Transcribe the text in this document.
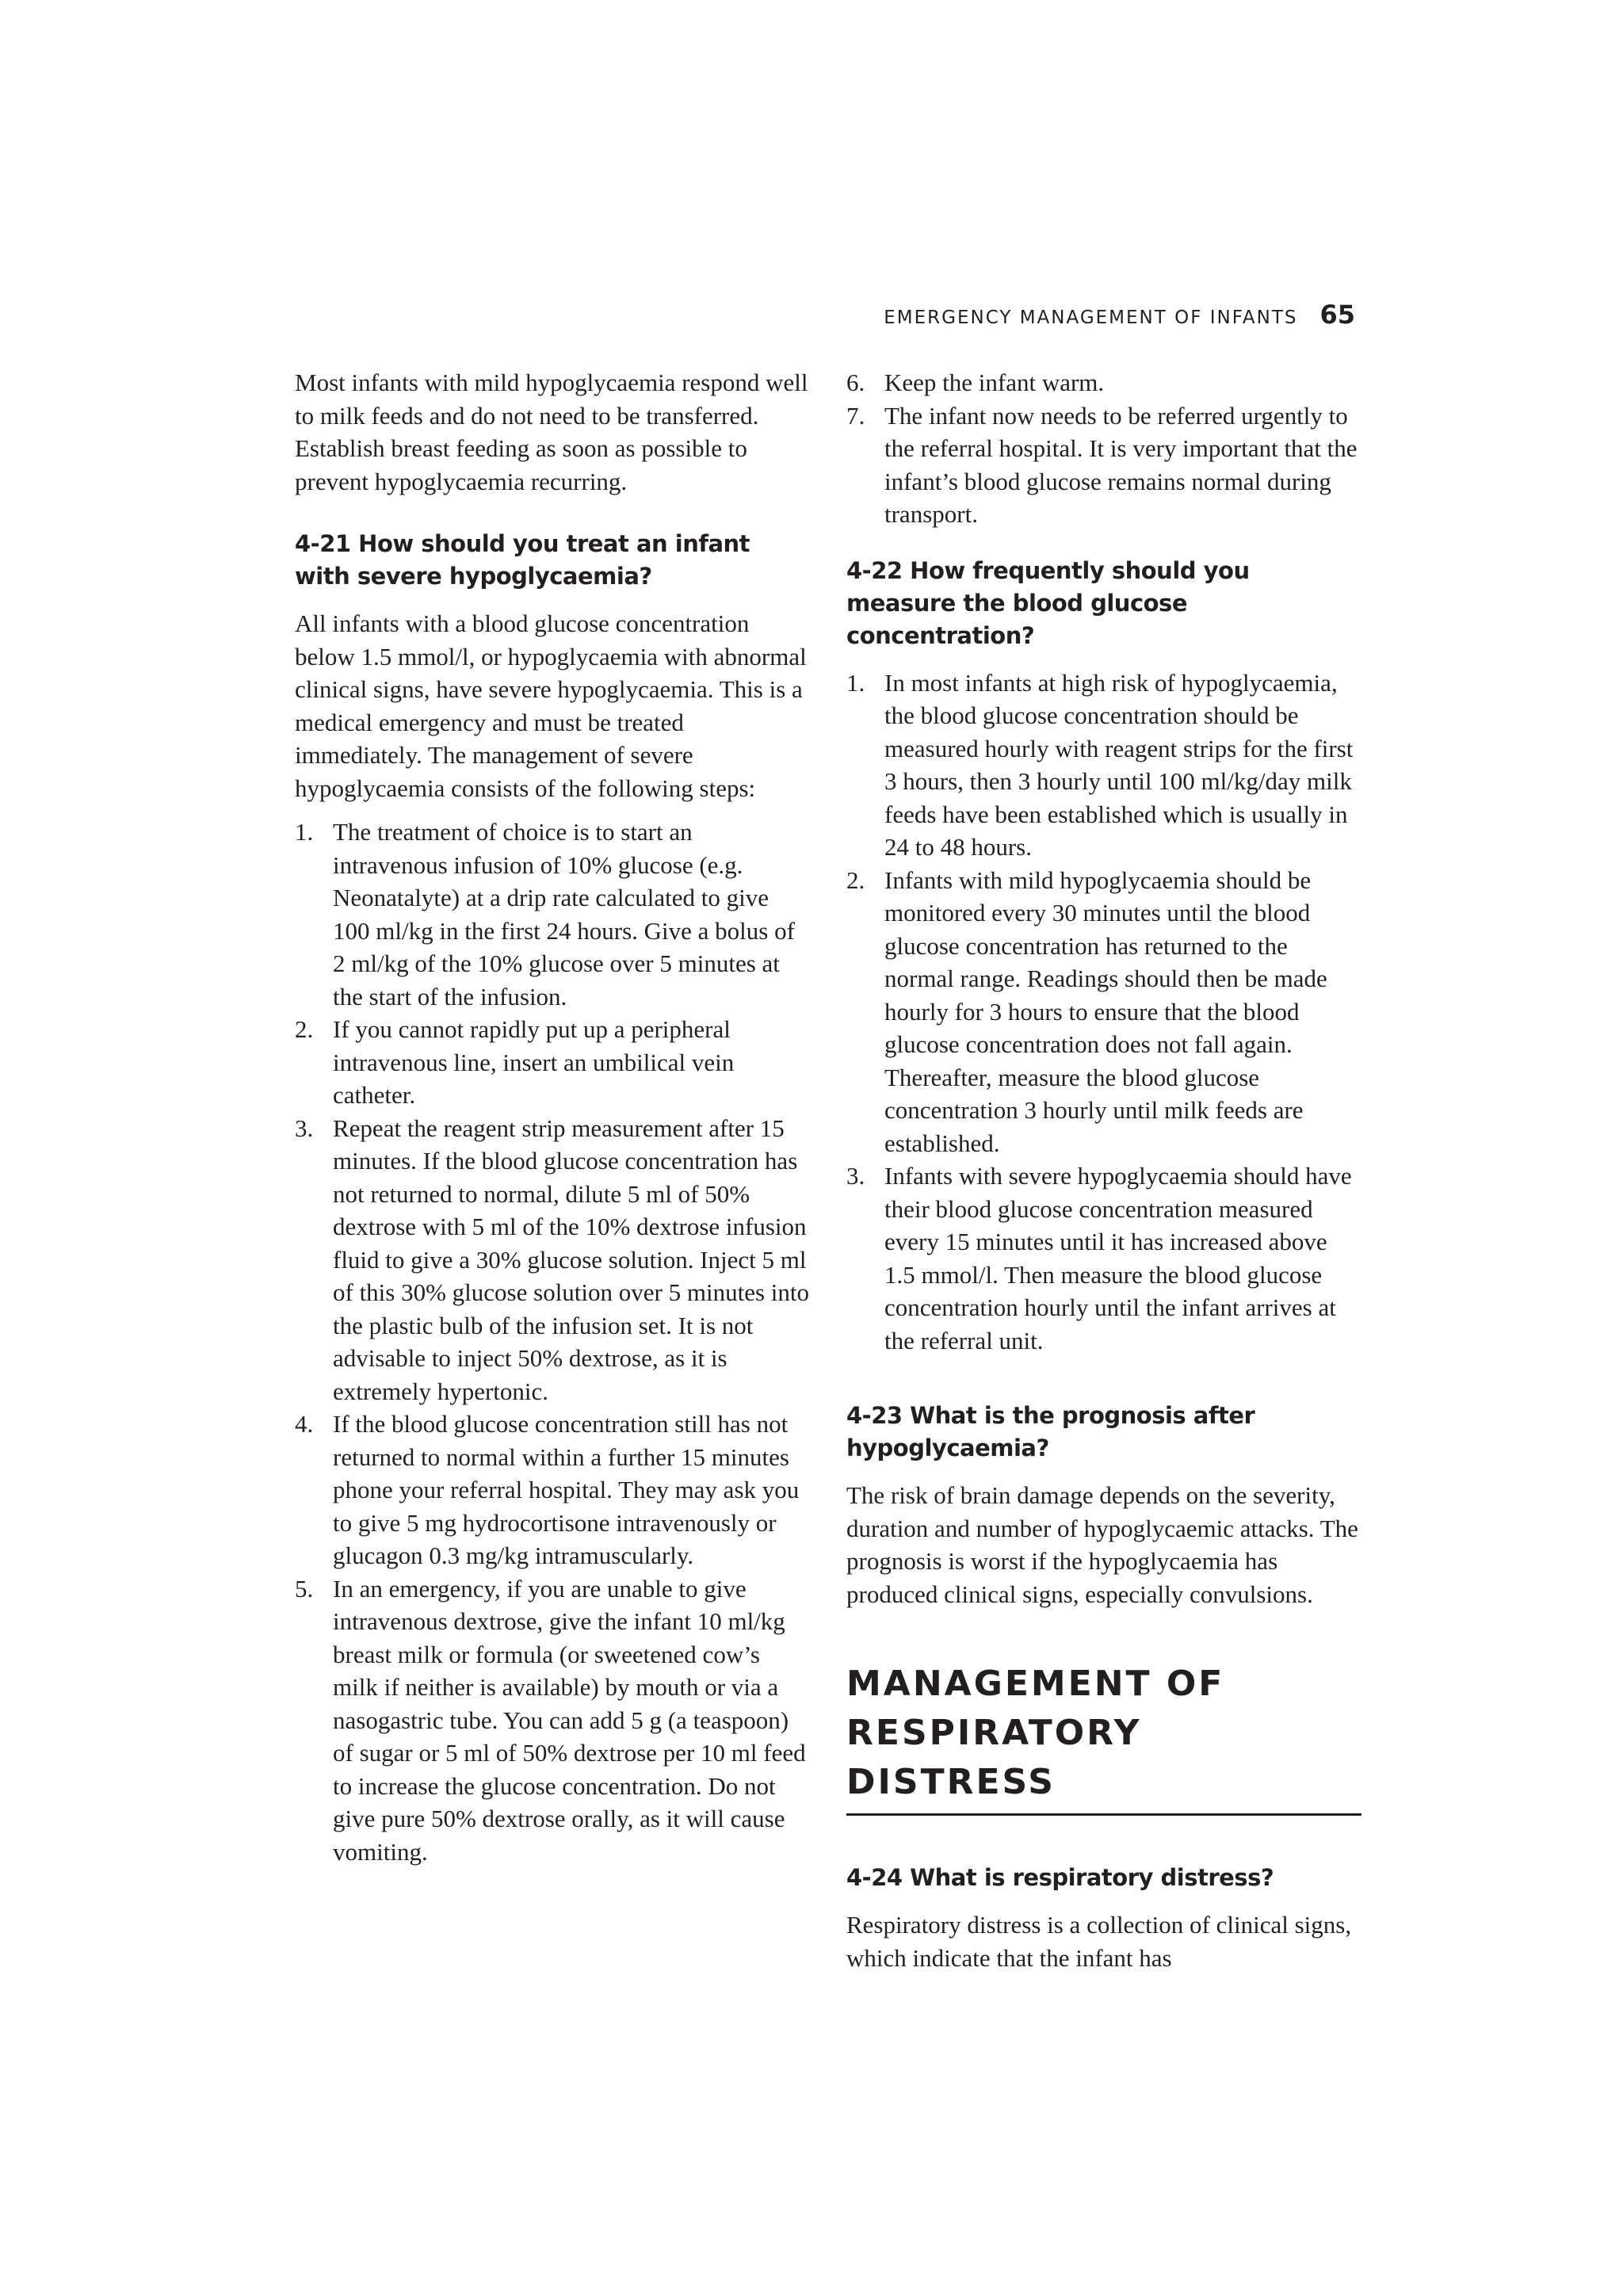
EMERGENCY MANAGEMENT OF INFANTS 65

Most infants with mild hypoglycaemia respond well to milk feeds and do not need to be transferred. Establish breast feeding as soon as possible to prevent hypoglycaemia recurring.

4-21 How should you treat an infant with severe hypoglycaemia?

All infants with a blood glucose concentration below 1.5 mmol/l, or hypoglycaemia with abnormal clinical signs, have severe hypoglycaemia. This is a medical emergency and must be treated immediately. The management of severe hypoglycaemia consists of the following steps:

1. The treatment of choice is to start an intravenous infusion of 10% glucose (e.g. Neonatalyte) at a drip rate calculated to give 100 ml/kg in the first 24 hours. Give a bolus of 2 ml/kg of the 10% glucose over 5 minutes at the start of the infusion.
2. If you cannot rapidly put up a peripheral intravenous line, insert an umbilical vein catheter.
3. Repeat the reagent strip measurement after 15 minutes. If the blood glucose concentration has not returned to normal, dilute 5 ml of 50% dextrose with 5 ml of the 10% dextrose infusion fluid to give a 30% glucose solution. Inject 5 ml of this 30% glucose solution over 5 minutes into the plastic bulb of the infusion set. It is not advisable to inject 50% dextrose, as it is extremely hypertonic.
4. If the blood glucose concentration still has not returned to normal within a further 15 minutes phone your referral hospital. They may ask you to give 5 mg hydrocortisone intravenously or glucagon 0.3 mg/kg intramuscularly.
5. In an emergency, if you are unable to give intravenous dextrose, give the infant 10 ml/kg breast milk or formula (or sweetened cow’s milk if neither is available) by mouth or via a nasogastric tube. You can add 5 g (a teaspoon) of sugar or 5 ml of 50% dextrose per 10 ml feed to increase the glucose concentration. Do not give pure 50% dextrose orally, as it will cause vomiting.
6. Keep the infant warm.
7. The infant now needs to be referred urgently to the referral hospital. It is very important that the infant’s blood glucose remains normal during transport.
4-22 How frequently should you measure the blood glucose concentration?
1. In most infants at high risk of hypoglycaemia, the blood glucose concentration should be measured hourly with reagent strips for the first 3 hours, then 3 hourly until 100 ml/kg/day milk feeds have been established which is usually in 24 to 48 hours.
2. Infants with mild hypoglycaemia should be monitored every 30 minutes until the blood glucose concentration has returned to the normal range. Readings should then be made hourly for 3 hours to ensure that the blood glucose concentration does not fall again. Thereafter, measure the blood glucose concentration 3 hourly until milk feeds are established.
3. Infants with severe hypoglycaemia should have their blood glucose concentration measured every 15 minutes until it has increased above 1.5 mmol/l. Then measure the blood glucose concentration hourly until the infant arrives at the referral unit.
4-23 What is the prognosis after hypoglycaemia?

The risk of brain damage depends on the severity, duration and number of hypoglycaemic attacks. The prognosis is worst if the hypoglycaemia has produced clinical signs, especially convulsions.

MANAGEMENT OF RESPIRATORY DISTRESS
4-24 What is respiratory distress?

Respiratory distress is a collection of clinical signs, which indicate that the infant has
